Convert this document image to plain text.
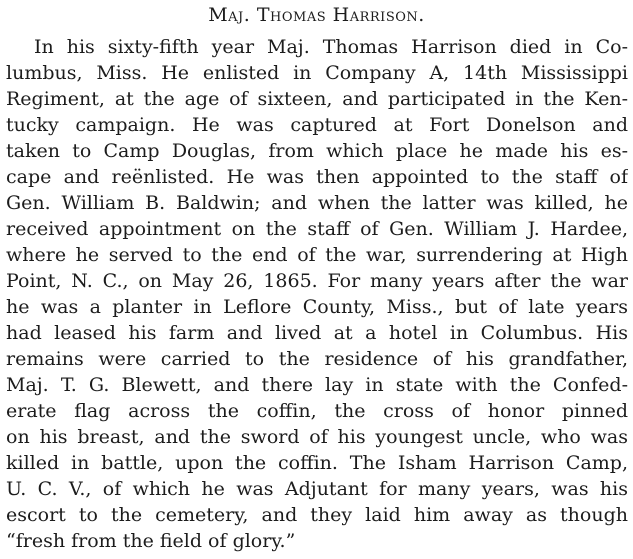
Maj. Thomas Harrison.
In his sixty-fifth year Maj. Thomas Harrison died in Co-
lumbus, Miss. He enlisted in Company A, 14th Mississippi
Regiment, at the age of sixteen, and participated in the Ken-
tucky campaign. He was captured at Fort Donelson and
taken to Camp Douglas, from which place he made his es-
cape and reënlisted. He was then appointed to the staff of
Gen. William B. Baldwin; and when the latter was killed, he
received appointment on the staff of Gen. William J. Hardee,
where he served to the end of the war, surrendering at High
Point, N. C., on May 26, 1865. For many years after the war
he was a planter in Leflore County, Miss., but of late years
had leased his farm and lived at a hotel in Columbus. His
remains were carried to the residence of his grandfather,
Maj. T. G. Blewett, and there lay in state with the Confed-
erate flag across the coffin, the cross of honor pinned
on his breast, and the sword of his youngest uncle, who was
killed in battle, upon the coffin. The Isham Harrison Camp,
U. C. V., of which he was Adjutant for many years, was his
escort to the cemetery, and they laid him away as though
“fresh from the field of glory.”
